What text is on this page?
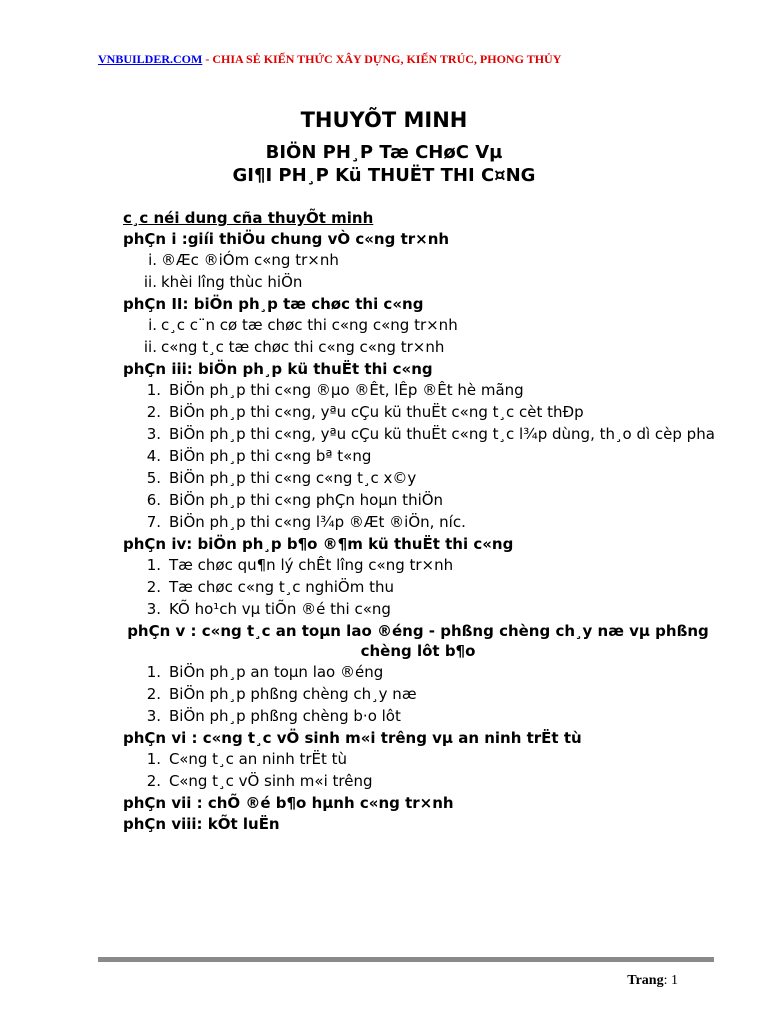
VNBUILDER.COM - CHIA SẺ KIẾN THỨC XÂY DỰNG, KIẾN TRÚC, PHONG THỦY
THUYÕT MINH
BIÖN PH¸P Tæ CHøC Vµ
GI¶I PH¸P Kü THUËT THI C¤NG
c¸c néi dung cña thuyÕt minh
phÇn i :giíi thiÖu chung vÒ c«ng tr×nh
i. ®Æc ®iÓm c«ng tr×nh
ii. khèi lîng thùc hiÖn
phÇn II: biÖn ph¸p tæ chøc thi c«ng
i. c¸c c¨n cø tæ chøc thi c«ng c«ng tr×nh
ii. c«ng t¸c tæ chøc thi c«ng c«ng tr×nh
phÇn iii: biÖn ph¸p kü thuËt thi c«ng
1. BiÖn ph¸p thi c«ng ®µo ®Êt, lÊp ®Êt hè mãng
2. BiÖn ph¸p thi c«ng, yªu cÇu kü thuËt c«ng t¸c cèt thÐp
3. BiÖn ph¸p thi c«ng, yªu cÇu kü thuËt c«ng t¸c l¾p dùng, th¸o dì cèp pha
4. BiÖn ph¸p thi c«ng bª t«ng
5. BiÖn ph¸p thi c«ng c«ng t¸c x©y
6. BiÖn ph¸p thi c«ng phÇn hoµn thiÖn
7. BiÖn ph¸p thi c«ng l¾p ®Æt ®iÖn, níc.
phÇn iv: biÖn ph¸p b¶o ®¶m kü thuËt thi c«ng
1. Tæ chøc qu¶n lý chÊt lîng c«ng tr×nh
2. Tæ chøc c«ng t¸c nghiÖm thu
3. KÕ ho¹ch vµ tiÕn ®é thi c«ng
phÇn v : c«ng t¸c an toµn lao ®éng - phßng chèng ch¸y næ vµ phßng chèng lôt b¶o
1. BiÖn ph¸p an toµn lao ®éng
2. BiÖn ph¸p phßng chèng ch¸y næ
3. BiÖn ph¸p phßng chèng b·o lôt
phÇn vi : c«ng t¸c vÖ sinh m«i trêng vµ an ninh trËt tù
1. C«ng t¸c an ninh trËt tù
2. C«ng t¸c vÖ sinh m«i trêng
phÇn vii : chÕ ®é b¶o hµnh c«ng tr×nh
phÇn viii: kÕt luËn
Trang: 1
